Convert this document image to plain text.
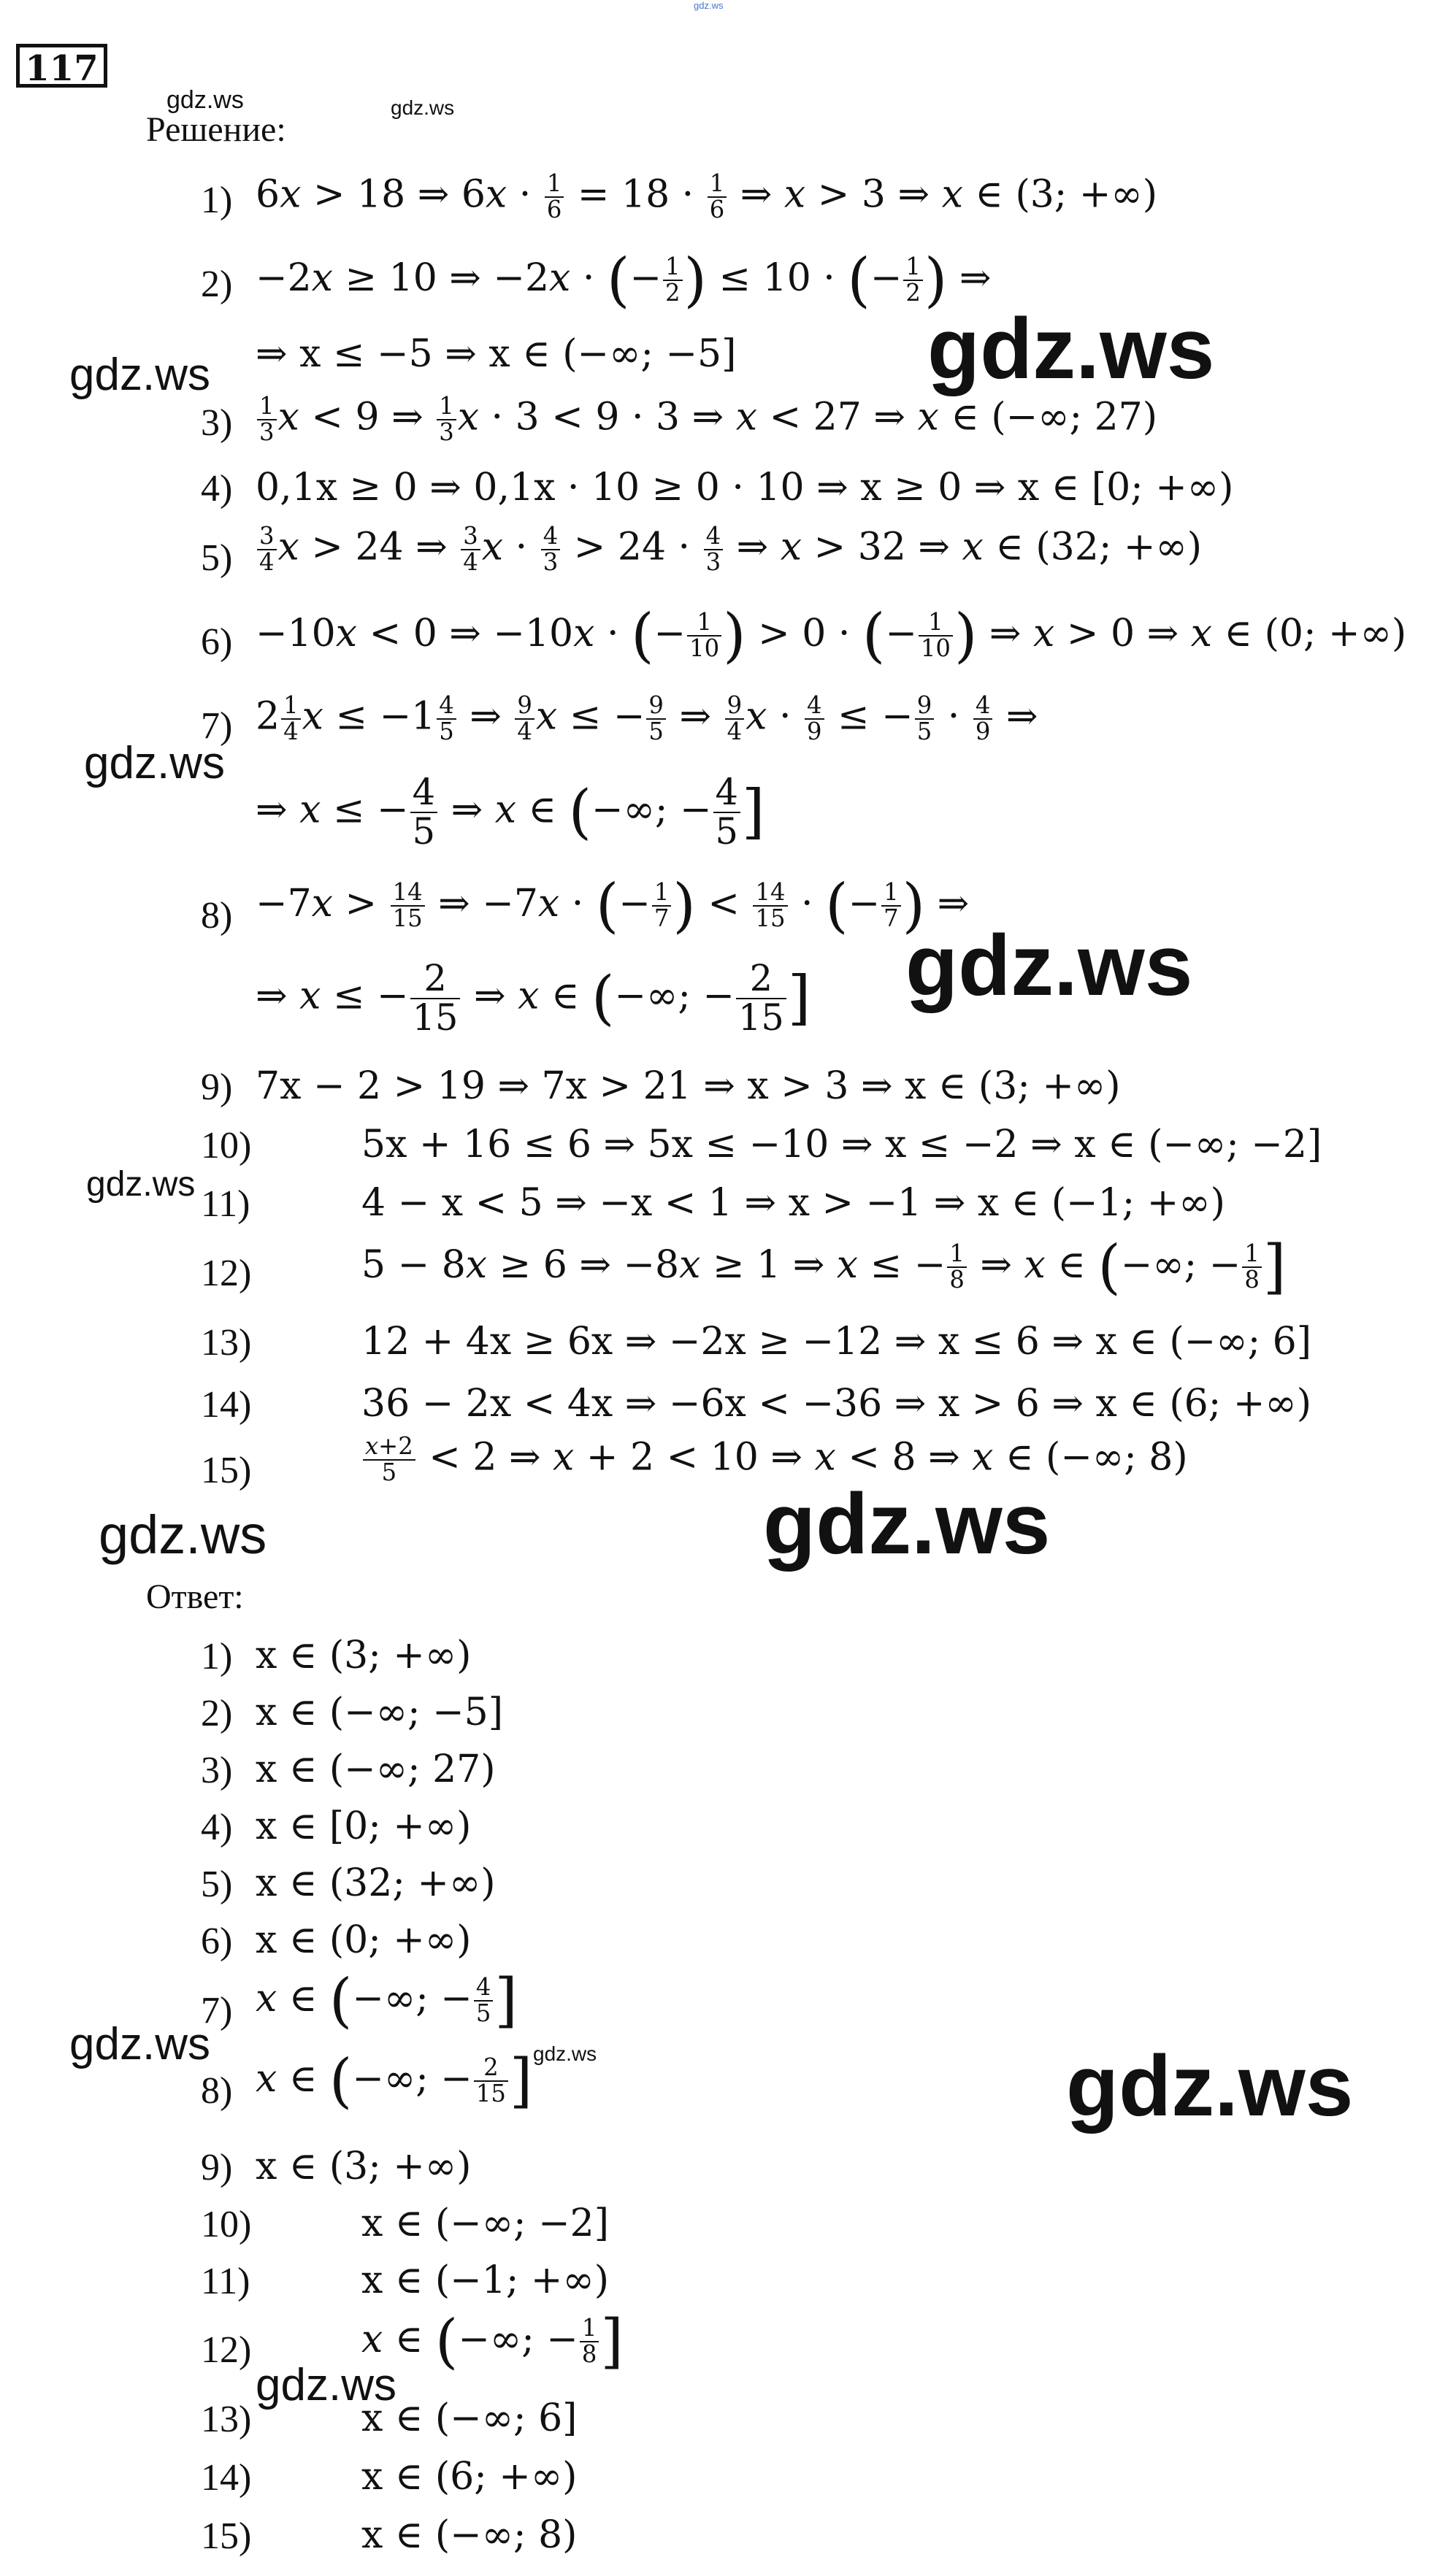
gdz.ws
117
gdz.ws	gdz.ws
Решение:
1) 6𝑥 > 18 ⇒ 6𝑥 · $\frac{1}{6} = 18 \cdot \frac{1}{6}$ ⇒ 𝑥 > 3 ⇒ 𝑥 ∈ (3; +∞)
2) −2𝑥 ≥ 10 ⇒ −2𝑥 · (− $\frac{1}{2}$ ) ≤ 10 · (− $\frac{1}{2}$ ) ⇒
⇒ x ≤ −5 ⇒ x ∈ (−∞; −5]
$3) \frac{1}{3}$ 𝑥 < 9 ⇒ $\frac{1}{3}$ 𝑥 · 3 < 9 · 3 ⇒ 𝑥 < 27 ⇒ 𝑥 ∈ (−∞; 27)
4) 0,1x ≥ 0 ⇒ 0,1x · 10 ≥ 0 · 10 ⇒ x ≥ 0 ⇒ x ∈ [0; +∞)
$5) \frac{3}{4}$ 𝑥 > 24 ⇒ $\frac{3}{4}$ 𝑥 · $\frac{4}{3} > 24 \cdot \frac{4}{3}$ ⇒ 𝑥 > 32 ⇒ 𝑥 ∈ (32; +∞)
6) −10𝑥 < 0 ⇒ −10𝑥 · (− $\frac{1}{10}$ ) > 0 · (− $\frac{1}{10}$ ) ⇒ 𝑥 > 0 ⇒ 𝑥 ∈ (0; +∞)
7) $2 \frac{1}{4}$ 𝑥 ≤ $-1 \frac{4}{5}$ ⇒ $\frac{9}{4}$ 𝑥 ≤ − $\frac{9}{5}$ ⇒ $\frac{9}{4}$ 𝑥 · $\frac{4}{9}$ ≤ − $\frac{9}{5} \cdot \frac{4}{9}$ ⇒
⇒ 𝑥 ≤ − $\frac{4}{5}$ ⇒ 𝑥 ∈ (−∞; − $\frac{4}{5}$ ]
8) −7𝑥 > $\frac{14}{15}$ ⇒ −7𝑥 · (− $\frac{1}{7}$ ) < $\frac{14}{15}$ · (− $\frac{1}{7}$ ) ⇒
⇒ 𝑥 ≤ − $\frac{2}{15}$ ⇒ 𝑥 ∈ (−∞; − $\frac{2}{15}$ ]
9) 7x − 2 > 19 ⇒ 7x > 21 ⇒ x > 3 ⇒ x ∈ (3; +∞)
10)	5x + 16 ≤ 6 ⇒ 5x ≤ −10 ⇒ x ≤ −2 ⇒ x ∈ (−∞; −2]
11)	4 − x < 5 ⇒ −x < 1 ⇒ x > −1 ⇒ x ∈ (−1; +∞)
12)	5 − 8𝑥 ≥ 6 ⇒ −8𝑥 ≥ 1 ⇒ 𝑥 ≤ − $\frac{1}{8}$ ⇒ 𝑥 ∈ (−∞; − $\frac{1}{8}$ ]
13)	12 + 4x ≥ 6x ⇒ −2x ≥ −12 ⇒ x ≤ 6 ⇒ x ∈ (−∞; 6]
14)	36 − 2x < 4x ⇒ −6x < −36 ⇒ x > 6 ⇒ x ∈ (6; +∞)
15)	$\frac{\text{𝑥+2}}{5} < 2$ ⇒ 𝑥 + 2 < 10 ⇒ 𝑥 < 8 ⇒ 𝑥 ∈ (−∞; 8)
gdz.ws
gdz.ws
gdz.ws
gdz.ws
gdz.ws
gdz.ws
gdz.ws
Ответ:
1) x ∈ (3; +∞)
2) x ∈ (−∞; −5]
3) x ∈ (−∞; 27)
4) x ∈ [0; +∞)
5) x ∈ (32; +∞)
6) x ∈ (0; +∞)
7) 𝑥 ∈ (−∞; − $\frac{4}{5}$ ]
8) 𝑥 ∈ (−∞; − $\frac{2}{15}$ ]
9) x ∈ (3; +∞)
10)	x ∈ (−∞; −2]
11)	x ∈ (−1; +∞)
12)	𝑥 ∈ (−∞; − $\frac{1}{8}$ ]
13)	x ∈ (−∞; 6]
14)	x ∈ (6; +∞)
15)	x ∈ (−∞; 8)
gdz.ws	gdz.ws	gdz.ws
gdz.ws
